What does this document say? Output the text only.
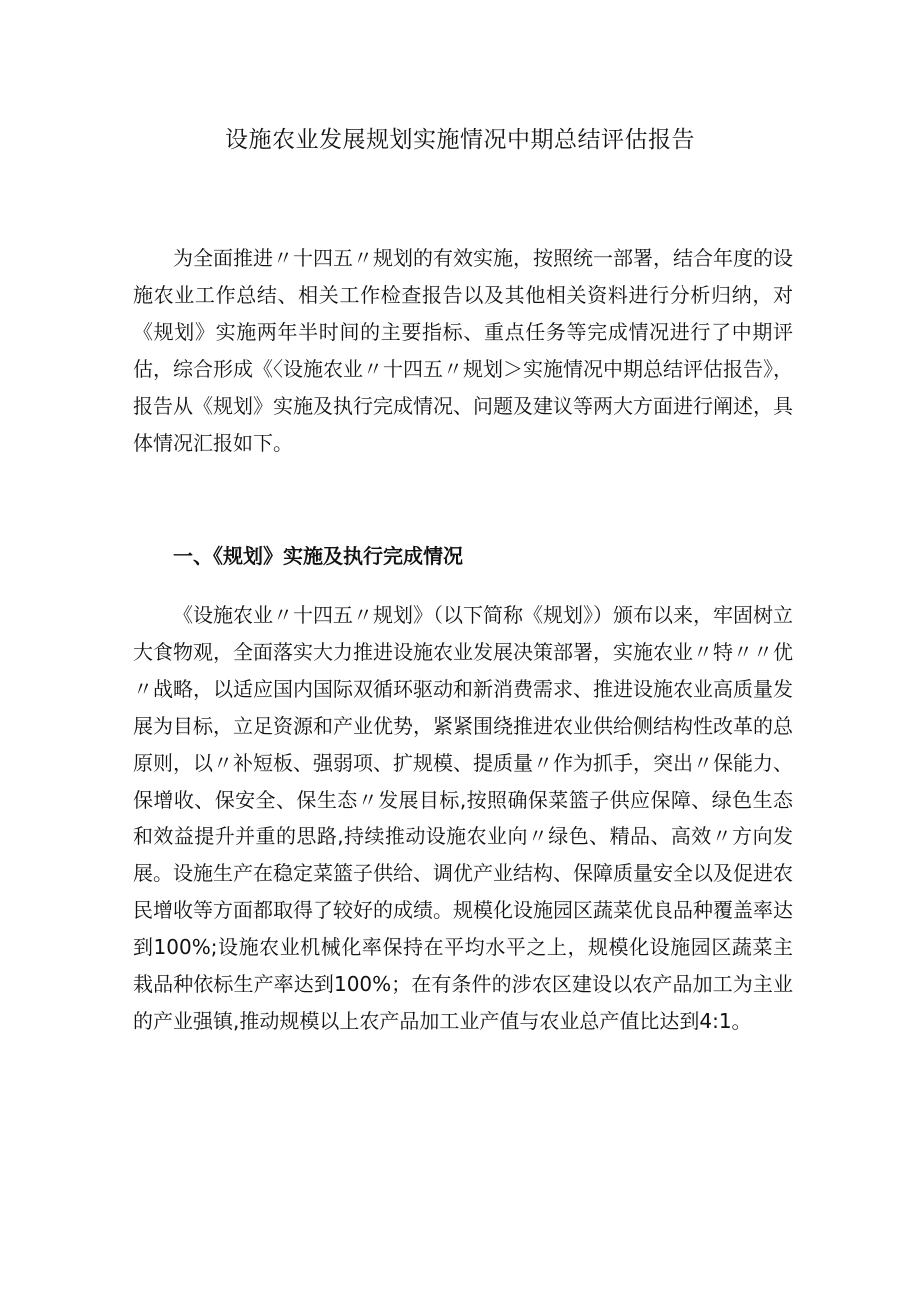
设施农业发展规划实施情况中期总结评估报告

为全面推进〃十四五〃规划的有效实施，按照统一部署，结合年度的设施农业工作总结、相关工作检查报告以及其他相关资料进行分析归纳，对《规划》实施两年半时间的主要指标、重点任务等完成情况进行了中期评估，综合形成《〈设施农业〃十四五〃规划＞实施情况中期总结评估报告》，报告从《规划》实施及执行完成情况、问题及建议等两大方面进行阐述，具体情况汇报如下。

一、《规划》实施及执行完成情况

《设施农业〃十四五〃规划》（以下简称《规划》）颁布以来，牢固树立大食物观，全面落实大力推进设施农业发展决策部署，实施农业〃特〃〃优〃战略，以适应国内国际双循环驱动和新消费需求、推进设施农业高质量发展为目标，立足资源和产业优势，紧紧围绕推进农业供给侧结构性改革的总原则，以〃补短板、强弱项、扩规模、提质量〃作为抓手，突出〃保能力、保增收、保安全、保生态〃发展目标,按照确保菜篮子供应保障、绿色生态和效益提升并重的思路,持续推动设施农业向〃绿色、精品、高效〃方向发展。设施生产在稳定菜篮子供给、调优产业结构、保障质量安全以及促进农民增收等方面都取得了较好的成绩。规模化设施园区蔬菜优良品种覆盖率达到100%;设施农业机械化率保持在平均水平之上，规模化设施园区蔬菜主栽品种依标生产率达到100%；在有条件的涉农区建设以农产品加工为主业的产业强镇,推动规模以上农产品加工业产值与农业总产值比达到4:1。
